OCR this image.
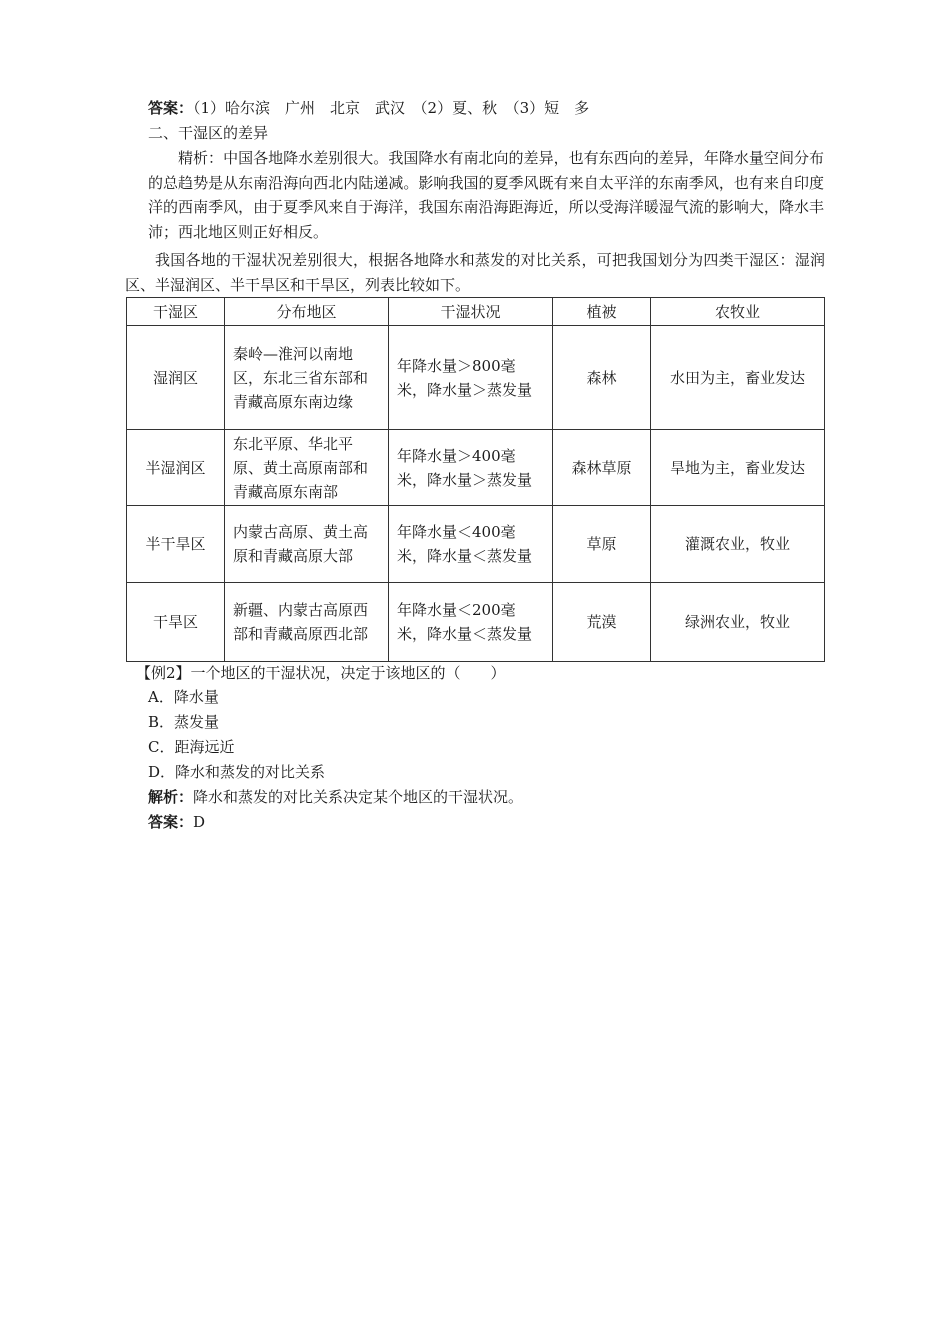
答案：（1）哈尔滨　广州　北京　武汉　（2）夏、秋　（3）短　多
二、干湿区的差异
精析：中国各地降水差别很大。我国降水有南北向的差异，也有东西向的差异，年降水量空间分布的总趋势是从东南沿海向西北内陆递减。影响我国的夏季风既有来自太平洋的东南季风，也有来自印度洋的西南季风，由于夏季风来自于海洋，我国东南沿海距海近，所以受海洋暖湿气流的影响大，降水丰沛；西北地区则正好相反。
我国各地的干湿状况差别很大，根据各地降水和蒸发的对比关系，可把我国划分为四类干湿区：湿润区、半湿润区、半干旱区和干旱区，列表比较如下。
干湿区	分布地区	干湿状况	植被	农牧业
湿润区	秦岭—淮河以南地区，东北三省东部和青藏高原东南边缘	年降水量＞800毫米，降水量＞蒸发量	森林	水田为主，畜业发达
半湿润区	东北平原、华北平原、黄土高原南部和青藏高原东南部	年降水量＞400毫米，降水量＞蒸发量	森林草原	旱地为主，畜业发达
半干旱区	内蒙古高原、黄土高原和青藏高原大部	年降水量＜400毫米，降水量＜蒸发量	草原	灌溉农业，牧业
干旱区	新疆、内蒙古高原西部和青藏高原西北部	年降水量＜200毫米，降水量＜蒸发量	荒漠	绿洲农业，牧业
【例2】一个地区的干湿状况，决定于该地区的（　　）
A．降水量
B．蒸发量
C．距海远近
D．降水和蒸发的对比关系
解析：降水和蒸发的对比关系决定某个地区的干湿状况。
答案：D
